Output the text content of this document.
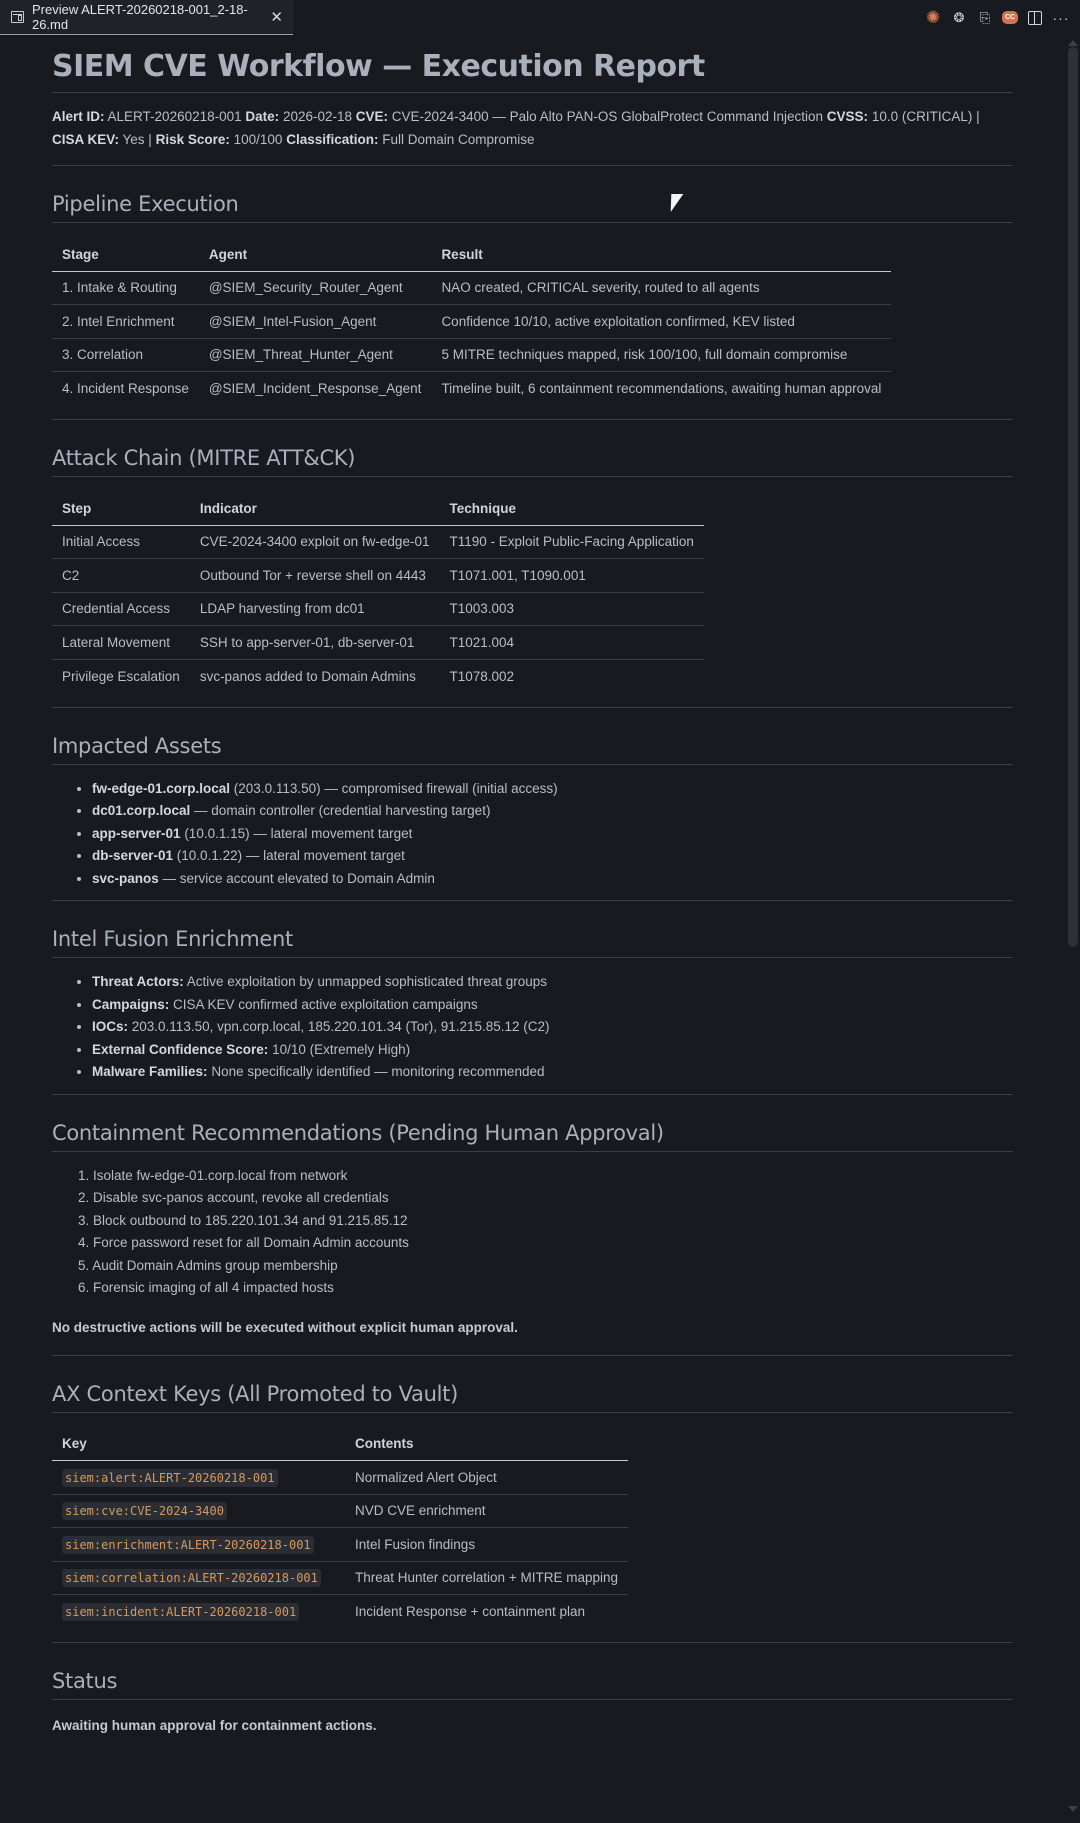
Preview ALERT-20260218-001_2-18-26.md	✕	✺ ❂ ⎘	CC	···
SIEM CVE Workflow — Execution Report
Alert ID: ALERT-20260218-001 Date: 2026-02-18 CVE: CVE-2024-3400 — Palo Alto PAN-OS GlobalProtect Command Injection CVSS: 10.0 (CRITICAL) |
CISA KEV: Yes | Risk Score: 100/100 Classification: Full Domain Compromise
Pipeline Execution
Stage	Agent	Result
1. Intake & Routing	@SIEM_Security_Router_Agent	NAO created, CRITICAL severity, routed to all agents
2. Intel Enrichment	@SIEM_Intel-Fusion_Agent	Confidence 10/10, active exploitation confirmed, KEV listed
3. Correlation	@SIEM_Threat_Hunter_Agent	5 MITRE techniques mapped, risk 100/100, full domain compromise
4. Incident Response	@SIEM_Incident_Response_Agent	Timeline built, 6 containment recommendations, awaiting human approval
Attack Chain (MITRE ATT&CK)
Step	Indicator	Technique
Initial Access	CVE-2024-3400 exploit on fw-edge-01	T1190 - Exploit Public-Facing Application
C2	Outbound Tor + reverse shell on 4443	T1071.001, T1090.001
Credential Access	LDAP harvesting from dc01	T1003.003
Lateral Movement	SSH to app-server-01, db-server-01	T1021.004
Privilege Escalation	svc-panos added to Domain Admins	T1078.002
Impacted Assets
• fw-edge-01.corp.local (203.0.113.50) — compromised firewall (initial access)
• dc01.corp.local — domain controller (credential harvesting target)
• app-server-01 (10.0.1.15) — lateral movement target
• db-server-01 (10.0.1.22) — lateral movement target
• svc-panos — service account elevated to Domain Admin
Intel Fusion Enrichment
• Threat Actors: Active exploitation by unmapped sophisticated threat groups
• Campaigns: CISA KEV confirmed active exploitation campaigns
• IOCs: 203.0.113.50, vpn.corp.local, 185.220.101.34 (Tor), 91.215.85.12 (C2)
• External Confidence Score: 10/10 (Extremely High)
• Malware Families: None specifically identified — monitoring recommended
Containment Recommendations (Pending Human Approval)
1. Isolate fw-edge-01.corp.local from network
2. Disable svc-panos account, revoke all credentials
3. Block outbound to 185.220.101.34 and 91.215.85.12
4. Force password reset for all Domain Admin accounts
5. Audit Domain Admins group membership
6. Forensic imaging of all 4 impacted hosts
No destructive actions will be executed without explicit human approval.
AX Context Keys (All Promoted to Vault)
Key	Contents
siem:alert:ALERT-20260218-001	Normalized Alert Object
siem:cve:CVE-2024-3400	NVD CVE enrichment
siem:enrichment:ALERT-20260218-001	Intel Fusion findings
siem:correlation:ALERT-20260218-001	Threat Hunter correlation + MITRE mapping
siem:incident:ALERT-20260218-001	Incident Response + containment plan
Status
Awaiting human approval for containment actions.
